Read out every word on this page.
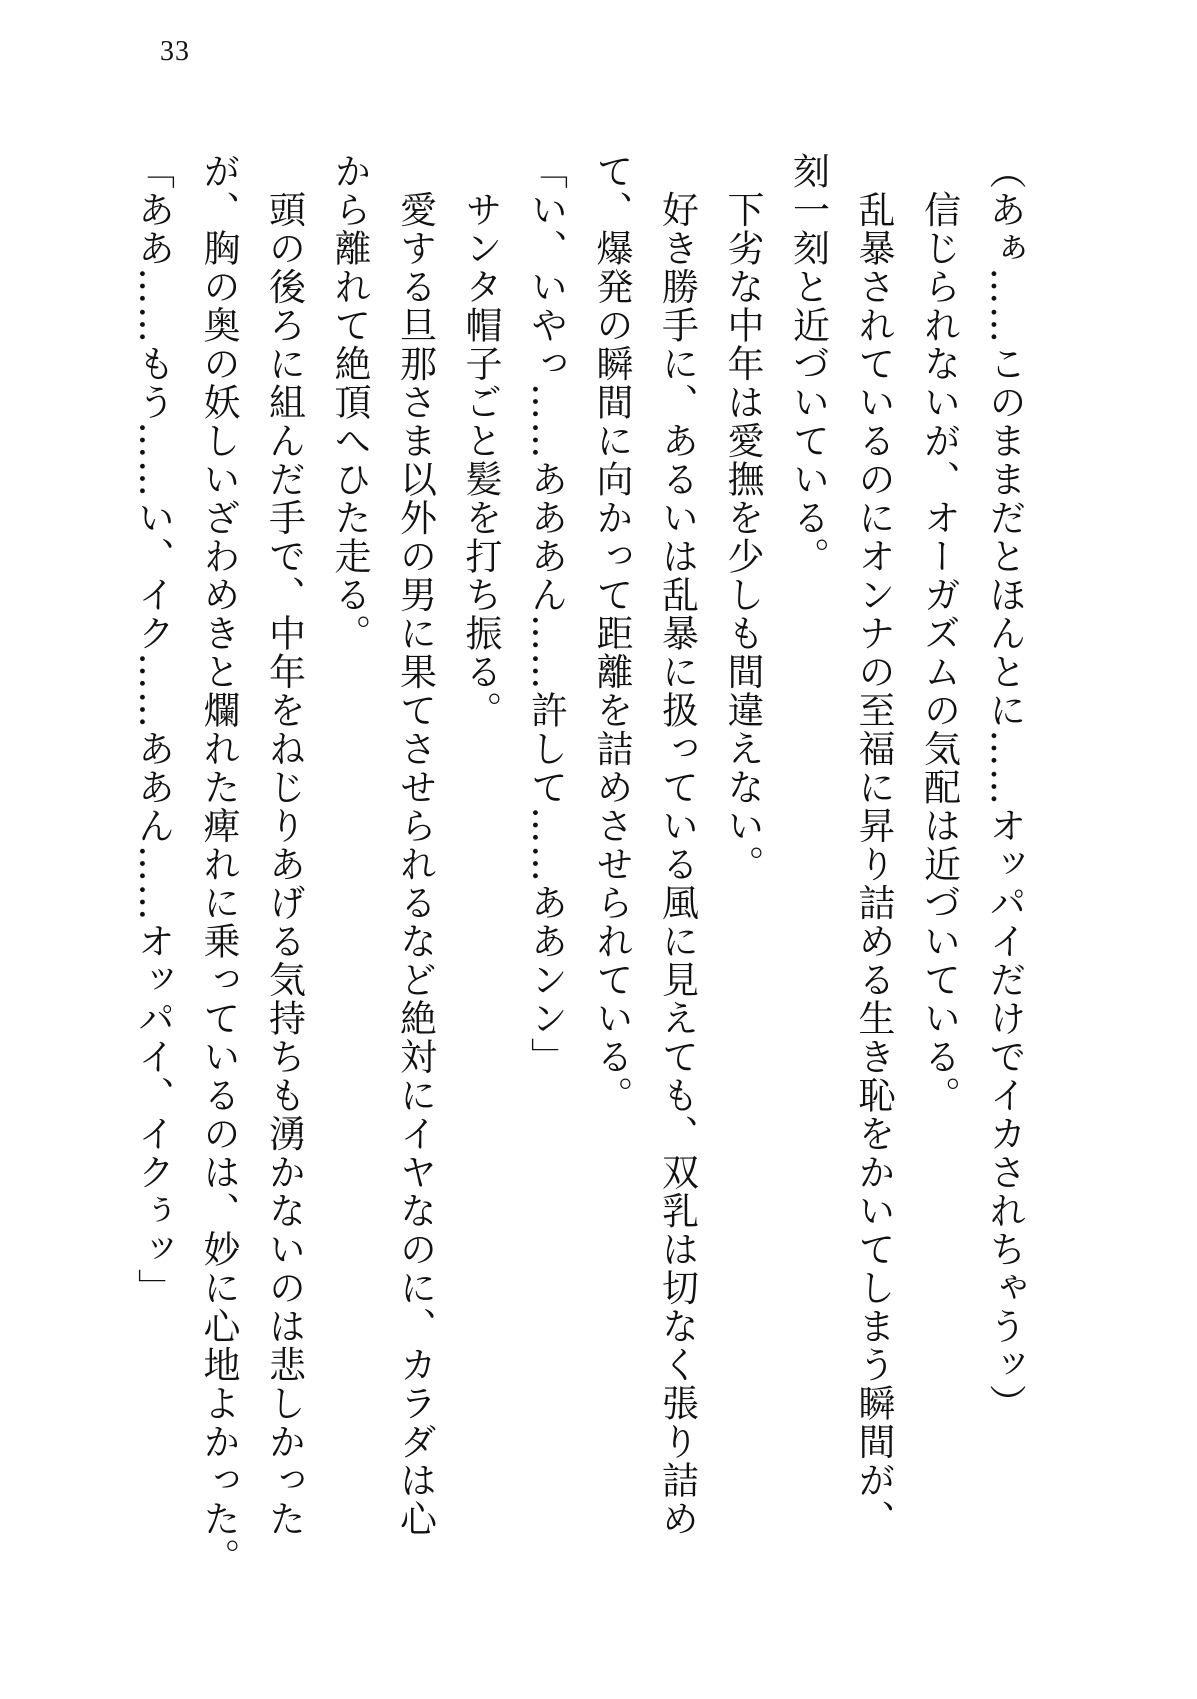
33
（あぁ……このままだとほんとに……オッパイだけでイカされちゃうッ）
　信じられないが、オーガズムの気配は近づいている。
　乱暴されているのにオンナの至福に昇り詰める生き恥をかいてしまう瞬間が、
刻一刻と近づいている。
　下劣な中年は愛撫を少しも間違えない。
　好き勝手に、あるいは乱暴に扱っている風に見えても、双乳は切なく張り詰め
て、爆発の瞬間に向かって距離を詰めさせられている。
「い、いやっ……あああん……許して……ああンン」
　サンタ帽子ごと髪を打ち振る。
　愛する旦那さま以外の男に果てさせられるなど絶対にイヤなのに、カラダは心
から離れて絶頂へひた走る。
　頭の後ろに組んだ手で、中年をねじりあげる気持ちも湧かないのは悲しかった
が、胸の奥の妖しいざわめきと爛れた痺れに乗っているのは、妙に心地よかった。
「ああ……もう……い、イク……ああん……オッパイ、イクぅッ」
